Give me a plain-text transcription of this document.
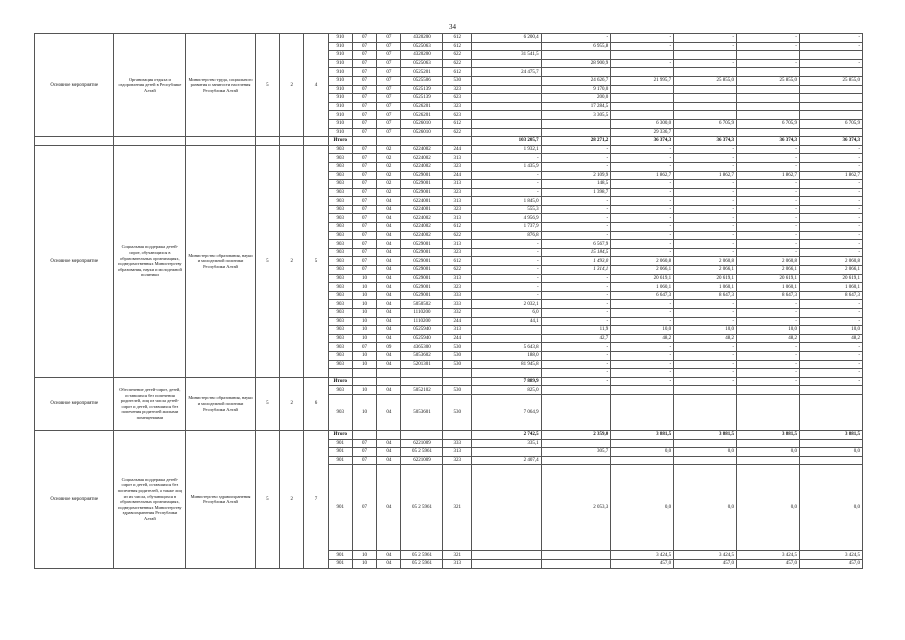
34
Основное мероприятие	Организация отдыха и оздоровления детей в Республике Алтай	Министерство труда, социального развития и занятости населения Республики Алтай	5	2	4	910	07	07	4320200	612	6 200,4	-	-	-	-	-
						910	07	07	0525063	612		6 955,8	-	-	-	-
						910	07	07	4320200	622	31 541,5					
						910	07	07	0525063	622		28 900,9	-	-	-	-
						910	07	07	0525201	612	24 475,7					
						910	07	07	0525506	530		24 626,7	21 995,7	25 855,0	25 855,0	25 855,0
						910	07	07	0525139	323		9 170,0				
						910	07	07	0525139	623		200,0				
						910	07	07	0526201	323		17 284,5				
						910	07	07	0526201	623		3 305,5				
						910	07	07	0526010	612			6 300,0	6 705,9	6 705,9	6 705,9
						910	07	07	0526010	622			29 336,7			
						Итого					103 205,7	28 271,2	36 374,3	36 374,3	36 374,3	36 374,3
Основное мероприятие	Социальная поддержка детей-сирот, обучающихся в образовательных организациях, подведомственных Министерству образования, науки и молодежной политики	Министерство образования, науки и молодежной политики Республики Алтай	5	2	5	903	07	02	6224002	244	1 932,1	-	-	-	-	-
						903	07	02	6224002	313	-	-	-	-	-	-
						903	07	02	6224002	323	1 435,9	-	-	-	-	-
						903	07	02	0529001	244	-	2 109,9	1 862,7	1 862,7	1 862,7	1 862,7
						903	07	02	0529001	313	-	148,5	-	-	-	-
						903	07	02	0529001	323	-	1 398,7	-	-	-	-
						903	07	04	6224001	313	1 845,0	-	-	-	-	-
						903	07	04	6224001	323	555,3	-	-	-	-	-
						903	07	04	6224002	313	4 956,9	-	-	-	-	-
						903	07	04	6224002	612	1 737,9	-	-	-	-	-
						903	07	04	6224002	622	876,8	-	-	-	-	-
						903	07	04	0529001	313	-	6 567,9	-	-	-	-
						903	07	04	0529001	323	-	15 184,5	-	-	-	-
						903	07	04	0529001	612	-	1 493,0	2 060,8	2 060,8	2 060,8	2 060,8
						903	07	04	0529001	622	-	1 314,1	2 066,1	2 066,1	2 066,1	2 066,1
						903	10	04	0529001	313	-	-	20 619,1	20 619,1	20 619,1	20 619,1
						903	10	04	0529001	323	-	-	1 060,1	1 060,1	1 060,1	1 060,1
						903	10	04	0529001	333	-	-	6 647,3	8 647,3	8 647,3	8 647,3
						903	10	04	5050502	333	2 032,1	-	-	-	-	-
						903	10	04	1110200	332	6,0	-	-	-	-	-
						903	10	04	1110200	244	44,1	-	-	-	-	-
						903	10	04	0525940	313		11,9	10,0	10,0	10,0	10,0
						903	10	04	0525940	244		42,7	48,2	48,2	48,2	48,2
						903	07	09	4365300	530	5 643,8	-	-	-	-	-
						903	10	04	5053602	530	188,0	-	-	-	-	-
						903	10	04	5201301	530	81 945,8	-	-	-	-	-
												-	-	-	-	-
Основное мероприятие	Обеспечение детей-сирот, детей, оставшихся без попечения родителей, лиц из числа детей-сирот и детей, оставшихся без попечения родителей жилыми помещениями	Министерство образования, науки и молодежной политики Республики Алтай	5	2	6	Итого					7 889,9	-	-	-	-	-
						903	10	04	5052102	530	825,0					
						903	10	04	5053601	530	7 064,9					
Основное мероприятие	Социальная поддержка детей-сирот и детей, оставшихся без попечения родителей, а также лиц из их числа, обучающихся в образовательных организациях, подведомственных Министерству здравоохранения Республики Алтай	Министерство здравоохранения Республики Алтай	5	2	7	Итого					2 742,5	2 359,0	3 881,5	3 881,5	3 881,5	3 881,5
						901	07	04	6221009	333	335,1					
						901	07	04	05 2 5961	313		305,7	0,0	0,0	0,0	0,0
						901	07	04	6221009	323	2 407,4					
						901	07	04	05 2 5961	321		2 053,3	0,0	0,0	0,0	0,0
						901	10	04	05 2 5961	321			3 424,5	3 424,5	3 424,5	3 424,5
						901	10	04	05 2 5961	313			457,0	457,0	457,0	457,0
